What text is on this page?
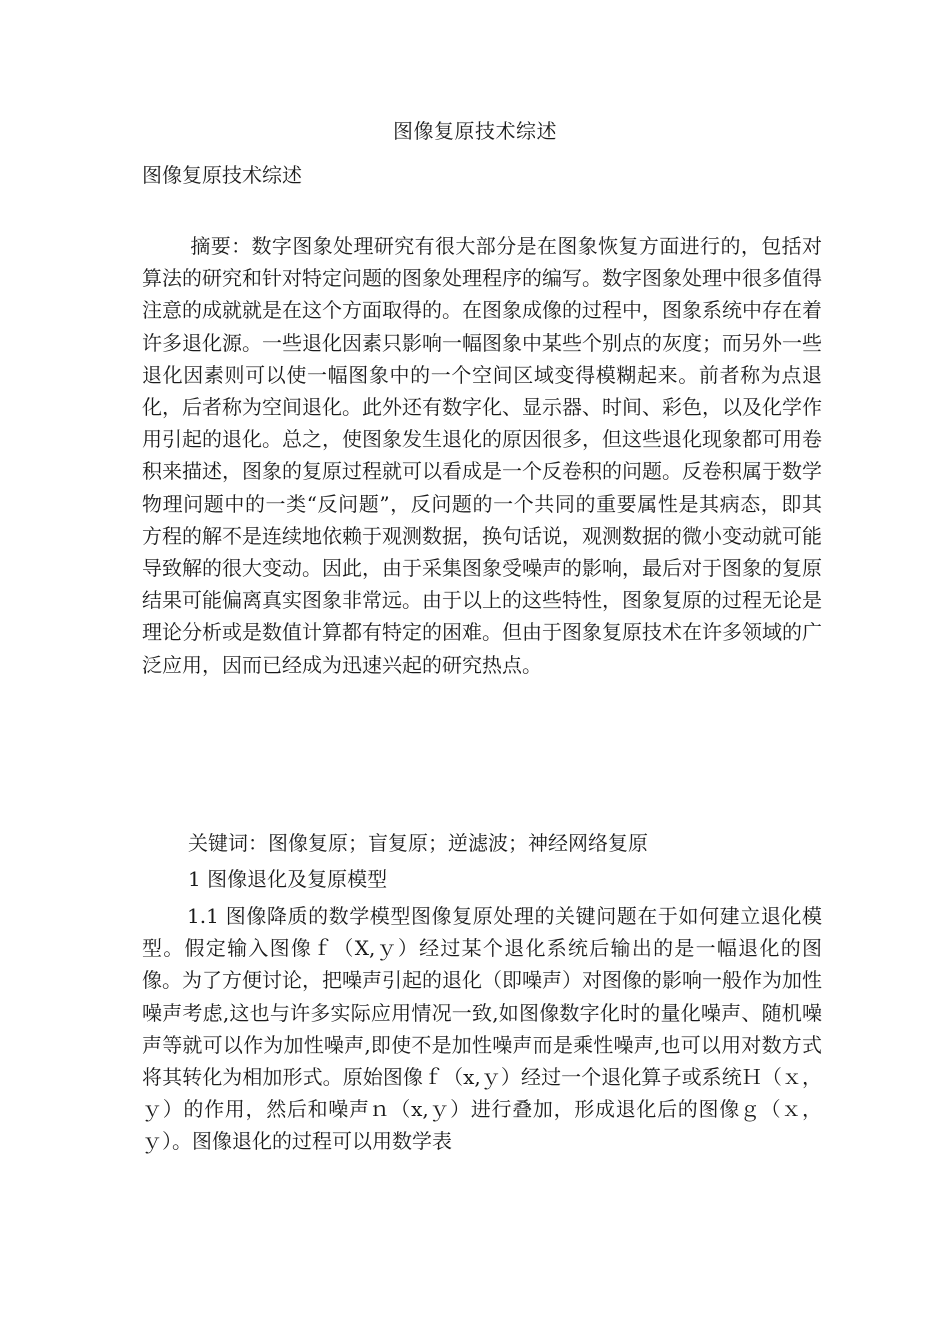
图像复原技术综述
图像复原技术综述

摘要：数字图象处理研究有很大部分是在图象恢复方面进行的，包括对算法的研究和针对特定问题的图象处理程序的编写。数字图象处理中很多值得注意的成就就是在这个方面取得的。在图象成像的过程中，图象系统中存在着许多退化源。一些退化因素只影响一幅图象中某些个别点的灰度；而另外一些退化因素则可以使一幅图象中的一个空间区域变得模糊起来。前者称为点退化，后者称为空间退化。此外还有数字化、显示器、时间、彩色，以及化学作用引起的退化。总之，使图象发生退化的原因很多，但这些退化现象都可用卷积来描述，图象的复原过程就可以看成是一个反卷积的问题。反卷积属于数学物理问题中的一类“反问题”，反问题的一个共同的重要属性是其病态，即其方程的解不是连续地依赖于观测数据，换句话说，观测数据的微小变动就可能导致解的很大变动。因此，由于采集图象受噪声的影响，最后对于图象的复原结果可能偏离真实图象非常远。由于以上的这些特性，图象复原的过程无论是理论分析或是数值计算都有特定的困难。但由于图象复原技术在许多领域的广泛应用，因而已经成为迅速兴起的研究热点。

关键词：图像复原；盲复原；逆滤波；神经网络复原
1 图像退化及复原模型

1.1 图像降质的数学模型图像复原处理的关键问题在于如何建立退化模型。假定输入图像ｆ（X,ｙ）经过某个退化系统后输出的是一幅退化的图像。为了方便讨论，把噪声引起的退化（即噪声）对图像的影响一般作为加性噪声考虑,这也与许多实际应用情况一致,如图像数字化时的量化噪声、随机噪声等就可以作为加性噪声,即使不是加性噪声而是乘性噪声,也可以用对数方式将其转化为相加形式。原始图像ｆ（x,ｙ）经过一个退化算子或系统Ｈ（ｘ，ｙ）的作用，然后和噪声ｎ（x,ｙ）进行叠加，形成退化后的图像ｇ（ｘ，ｙ）。图像退化的过程可以用数学表
